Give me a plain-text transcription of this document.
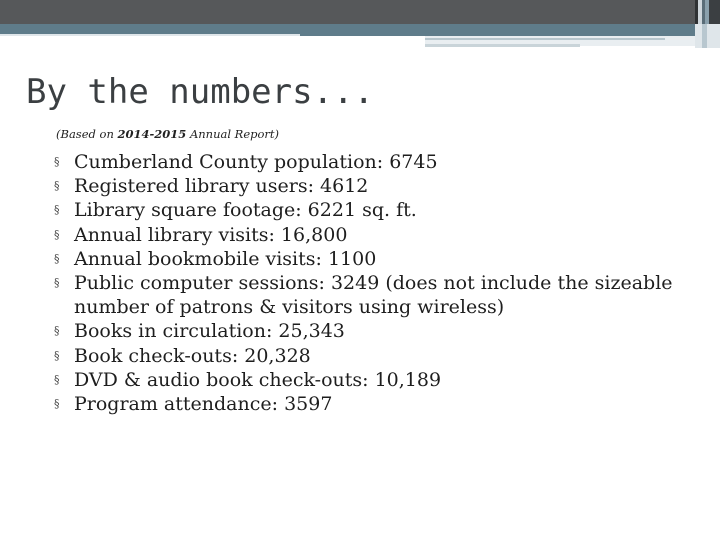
By the numbers...

(Based on 2014-2015 Annual Report)

§ Cumberland County population: 6745
§ Registered library users: 4612
§ Library square footage: 6221 sq. ft.
§ Annual library visits: 16,800
§ Annual bookmobile visits: 1100
§ Public computer sessions: 3249 (does not include the sizeable number of patrons & visitors using wireless)
§ Books in circulation: 25,343
§ Book check-outs: 20,328
§ DVD & audio book check-outs: 10,189
§ Program attendance: 3597
